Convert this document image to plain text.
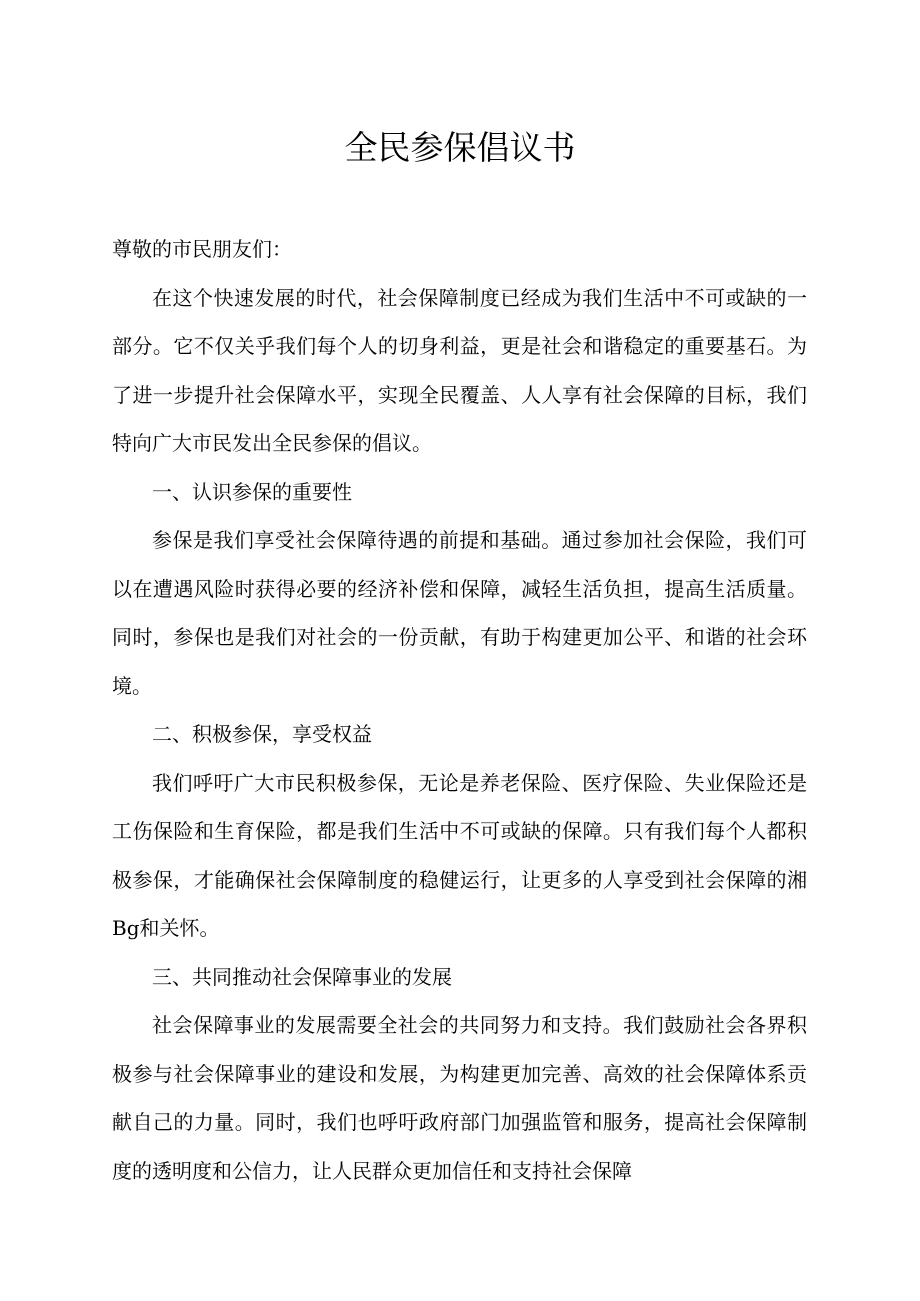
全民参保倡议书

尊敬的市民朋友们：

在这个快速发展的时代，社会保障制度已经成为我们生活中不可或缺的一部分。它不仅关乎我们每个人的切身利益，更是社会和谐稳定的重要基石。为了进一步提升社会保障水平，实现全民覆盖、人人享有社会保障的目标，我们特向广大市民发出全民参保的倡议。

一、认识参保的重要性

参保是我们享受社会保障待遇的前提和基础。通过参加社会保险，我们可以在遭遇风险时获得必要的经济补偿和保障，减轻生活负担，提高生活质量。同时，参保也是我们对社会的一份贡献，有助于构建更加公平、和谐的社会环境。

二、积极参保，享受权益

我们呼吁广大市民积极参保，无论是养老保险、医疗保险、失业保险还是工伤保险和生育保险，都是我们生活中不可或缺的保障。只有我们每个人都积极参保，才能确保社会保障制度的稳健运行，让更多的人享受到社会保障的湘Bg和关怀。

三、共同推动社会保障事业的发展

社会保障事业的发展需要全社会的共同努力和支持。我们鼓励社会各界积极参与社会保障事业的建设和发展，为构建更加完善、高效的社会保障体系贡献自己的力量。同时，我们也呼吁政府部门加强监管和服务，提高社会保障制度的透明度和公信力，让人民群众更加信任和支持社会保障
